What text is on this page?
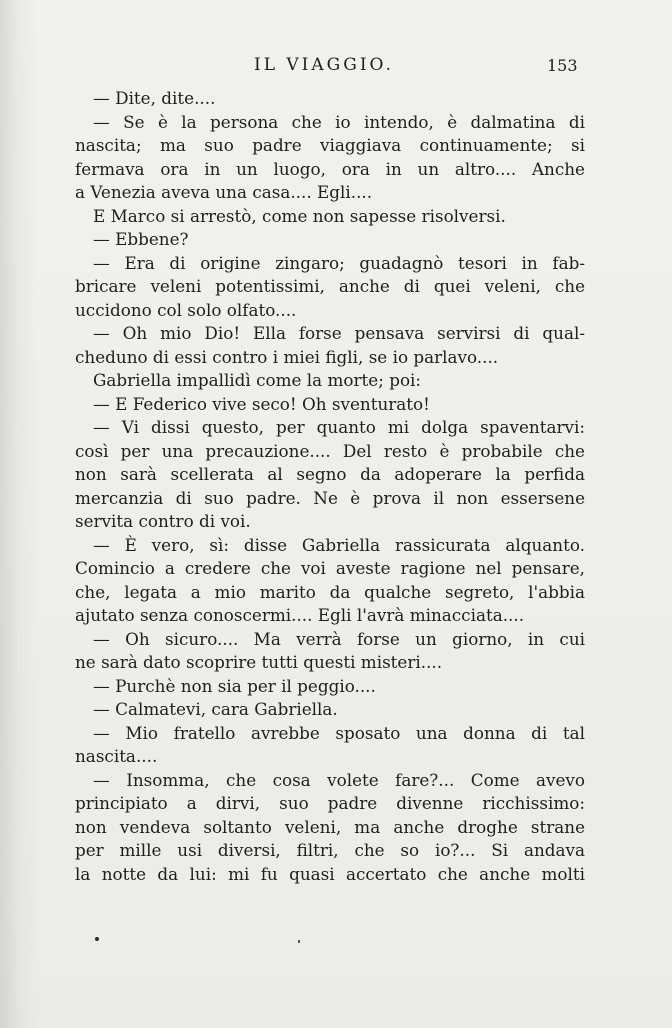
IL VIAGGIO.	153
— Dite, dite....
— Se è la persona che io intendo, è dalmatina di
nascita; ma suo padre viaggiava continuamente; si
fermava ora in un luogo, ora in un altro.... Anche
a Venezia aveva una casa.... Egli....
E Marco si arrestò, come non sapesse risolversi.
— Ebbene?
— Era di origine zingaro; guadagnò tesori in fab-
bricare veleni potentissimi, anche di quei veleni, che
uccidono col solo olfato....
— Oh mio Dio! Ella forse pensava servirsi di qual-
cheduno di essi contro i miei figli, se io parlavo....
Gabriella impallidì come la morte; poi:
— E Federico vive seco! Oh sventurato!
— Vi dissi questo, per quanto mi dolga spaventarvi:
così per una precauzione.... Del resto è probabile che
non sarà scellerata al segno da adoperare la perfida
mercanzia di suo padre. Ne è prova il non essersene
servita contro di voi.
— È vero, sì: disse Gabriella rassicurata alquanto.
Comincio a credere che voi aveste ragione nel pensare,
che, legata a mio marito da qualche segreto, l'abbia
ajutato senza conoscermi.... Egli l'avrà minacciata....
— Oh sicuro.... Ma verrà forse un giorno, in cui
ne sarà dato scoprire tutti questi misteri....
— Purchè non sia per il peggio....
— Calmatevi, cara Gabriella.
— Mio fratello avrebbe sposato una donna di tal
nascita....
— Insomma, che cosa volete fare?... Come avevo
principiato a dirvi, suo padre divenne ricchissimo:
non vendeva soltanto veleni, ma anche droghe strane
per mille usi diversi, filtri, che so io?... Si andava
la notte da lui: mi fu quasi accertato che anche molti
